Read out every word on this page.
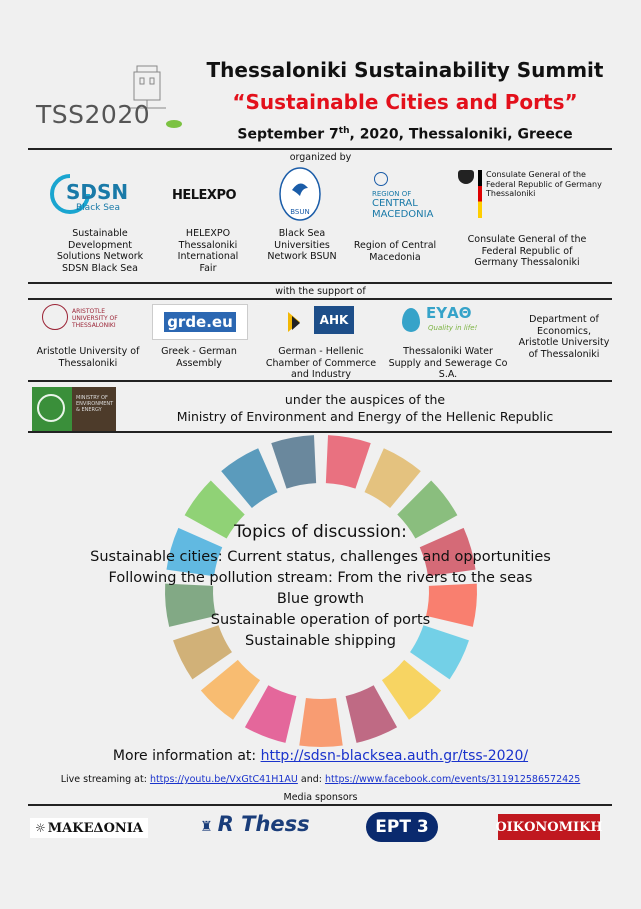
TSS2020
Thessaloniki Sustainability Summit
“Sustainable Cities and Ports”
September 7th, 2020, Thessaloniki, Greece
organized by
SDSN
Black Sea
HELEXPO
BSUN
REGION OF
CENTRAL MACEDONIA
Consulate General of the Federal Republic of Germany Thessaloniki
Sustainable Development Solutions Network SDSN Black Sea
HELEXPO Thessaloniki International Fair
Black Sea Universities Network BSUN
Region of Central Macedonia
Consulate General of the Federal Republic of Germany Thessaloniki
with the support of
ARISTOTLE UNIVERSITY OF THESSALONIKI	grde.eu	AHK	ΕΥΑΘ
Quality in life!
Aristotle University of Thessaloniki
Greek - German Assembly
German - Hellenic Chamber of Commerce and Industry
Thessaloniki Water Supply and Sewerage Co S.A.
Department of Economics, Aristotle University of Thessaloniki
MINISTRY OF ENVIRONMENT & ENERGY
under the auspices of the
Ministry of Environment and Energy of the Hellenic Republic
Topics of discussion:
Sustainable cities: Current status, challenges and opportunities
Following the pollution stream: From the rivers to the seas
Blue growth
Sustainable operation of ports
Sustainable shipping
More information at: http://sdsn-blacksea.auth.gr/tss-2020/
Live streaming at: https://youtu.be/VxGtC41H1AU and: https://www.facebook.com/events/311912586572425
Media sponsors
☼ ΜΑΚΕΔΟΝΙΑ	♜ R Thess	ΕΡΤ 3	ΟΙΚΟΝΟΜΙΚΗ
